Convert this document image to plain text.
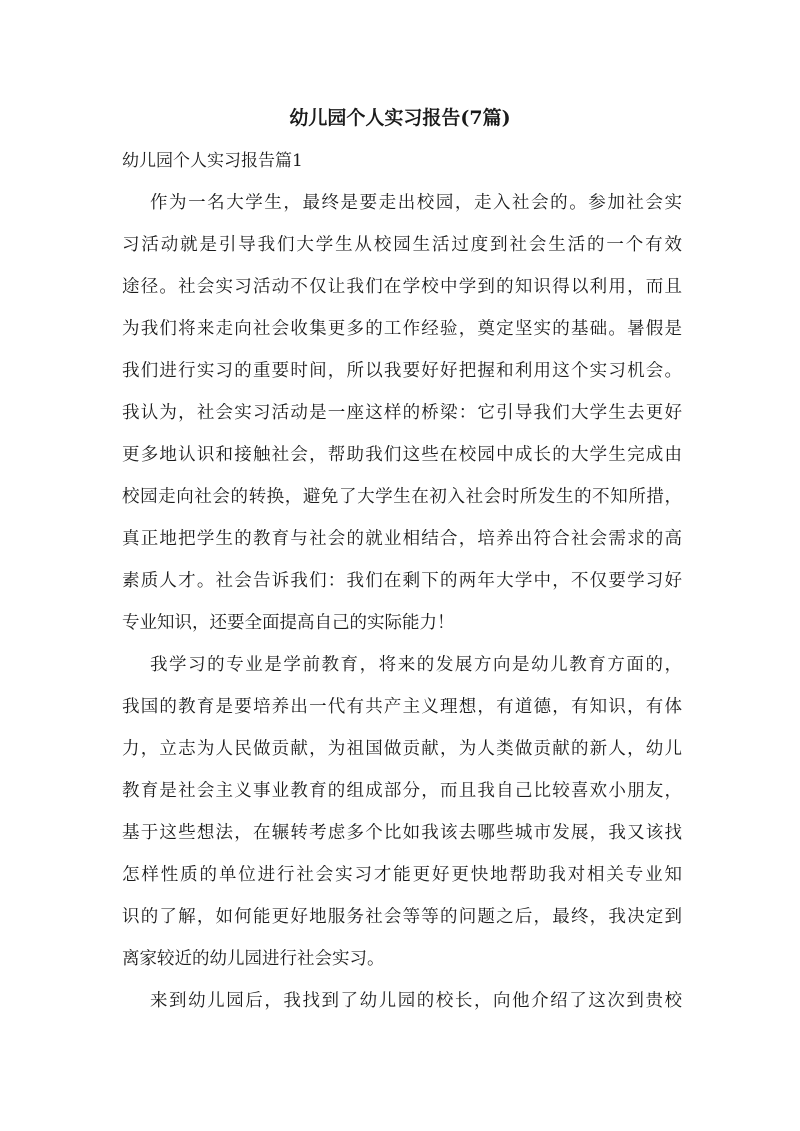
幼儿园个人实习报告(7篇)
幼儿园个人实习报告篇1
作为一名大学生，最终是要走出校园，走入社会的。参加社会实
习活动就是引导我们大学生从校园生活过度到社会生活的一个有效
途径。社会实习活动不仅让我们在学校中学到的知识得以利用，而且
为我们将来走向社会收集更多的工作经验，奠定坚实的基础。暑假是
我们进行实习的重要时间，所以我要好好把握和利用这个实习机会。
我认为，社会实习活动是一座这样的桥梁：它引导我们大学生去更好
更多地认识和接触社会，帮助我们这些在校园中成长的大学生完成由
校园走向社会的转换，避免了大学生在初入社会时所发生的不知所措，
真正地把学生的教育与社会的就业相结合，培养出符合社会需求的高
素质人才。社会告诉我们：我们在剩下的两年大学中，不仅要学习好
专业知识，还要全面提高自己的实际能力！
我学习的专业是学前教育，将来的发展方向是幼儿教育方面的，
我国的教育是要培养出一代有共产主义理想，有道德，有知识，有体
力，立志为人民做贡献，为祖国做贡献，为人类做贡献的新人，幼儿
教育是社会主义事业教育的组成部分，而且我自己比较喜欢小朋友，
基于这些想法，在辗转考虑多个比如我该去哪些城市发展，我又该找
怎样性质的单位进行社会实习才能更好更快地帮助我对相关专业知
识的了解，如何能更好地服务社会等等的问题之后，最终，我决定到
离家较近的幼儿园进行社会实习。
来到幼儿园后，我找到了幼儿园的校长，向他介绍了这次到贵校
